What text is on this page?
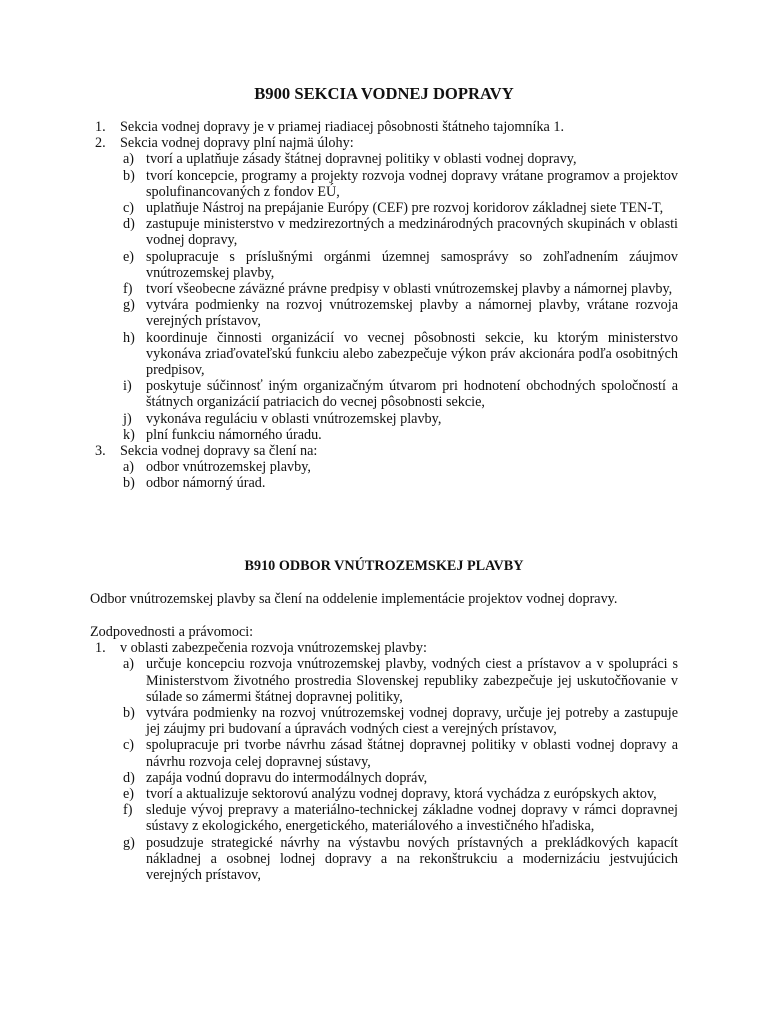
B900 SEKCIA VODNEJ DOPRAVY
1. Sekcia vodnej dopravy je v priamej riadiacej pôsobnosti štátneho tajomníka 1.
2. Sekcia vodnej dopravy plní najmä úlohy:
a) tvorí a uplatňuje zásady štátnej dopravnej politiky v oblasti vodnej dopravy,
b) tvorí koncepcie, programy a projekty rozvoja vodnej dopravy vrátane programov a projektov spolufinancovaných z fondov EÚ,
c) uplatňuje Nástroj na prepájanie Európy (CEF) pre rozvoj koridorov základnej siete TEN-T,
d) zastupuje ministerstvo v medzirezortných a medzinárodných pracovných skupinách v oblasti vodnej dopravy,
e) spolupracuje s príslušnými orgánmi územnej samosprávy so zohľadnením záujmov vnútrozemskej plavby,
f) tvorí všeobecne záväzné právne predpisy v oblasti vnútrozemskej plavby a námornej plavby,
g) vytvára podmienky na rozvoj vnútrozemskej plavby a námornej plavby, vrátane rozvoja verejných prístavov,
h) koordinuje činnosti organizácií vo vecnej pôsobnosti sekcie, ku ktorým ministerstvo vykonáva zriaďovateľskú funkciu alebo zabezpečuje výkon práv akcionára podľa osobitných predpisov,
i) poskytuje súčinnosť iným organizačným útvarom pri hodnotení obchodných spoločností a štátnych organizácií patriacich do vecnej pôsobnosti sekcie,
j) vykonáva reguláciu v oblasti vnútrozemskej plavby,
k) plní funkciu námorného úradu.
3. Sekcia vodnej dopravy sa člení na:
a) odbor vnútrozemskej plavby,
b) odbor námorný úrad.
B910 ODBOR VNÚTROZEMSKEJ PLAVBY
Odbor vnútrozemskej plavby sa člení na oddelenie implementácie projektov vodnej dopravy.
Zodpovednosti a právomoci:
1. v oblasti zabezpečenia rozvoja vnútrozemskej plavby:
a) určuje koncepciu rozvoja vnútrozemskej plavby, vodných ciest a prístavov a v spolupráci s Ministerstvom životného prostredia Slovenskej republiky zabezpečuje jej uskutočňovanie v súlade so zámermi štátnej dopravnej politiky,
b) vytvára podmienky na rozvoj vnútrozemskej vodnej dopravy, určuje jej potreby a zastupuje jej záujmy pri budovaní a úpravách vodných ciest a verejných prístavov,
c) spolupracuje pri tvorbe návrhu zásad štátnej dopravnej politiky v oblasti vodnej dopravy a návrhu rozvoja celej dopravnej sústavy,
d) zapája vodnú dopravu do intermodálnych dopráv,
e) tvorí a aktualizuje sektorovú analýzu vodnej dopravy, ktorá vychádza z európskych aktov,
f) sleduje vývoj prepravy a materiálno-technickej základne vodnej dopravy v rámci dopravnej sústavy z ekologického, energetického, materiálového a investičného hľadiska,
g) posudzuje strategické návrhy na výstavbu nových prístavných a prekládkových kapacít nákladnej a osobnej lodnej dopravy a na rekonštrukciu a modernizáciu jestvujúcich verejných prístavov,
